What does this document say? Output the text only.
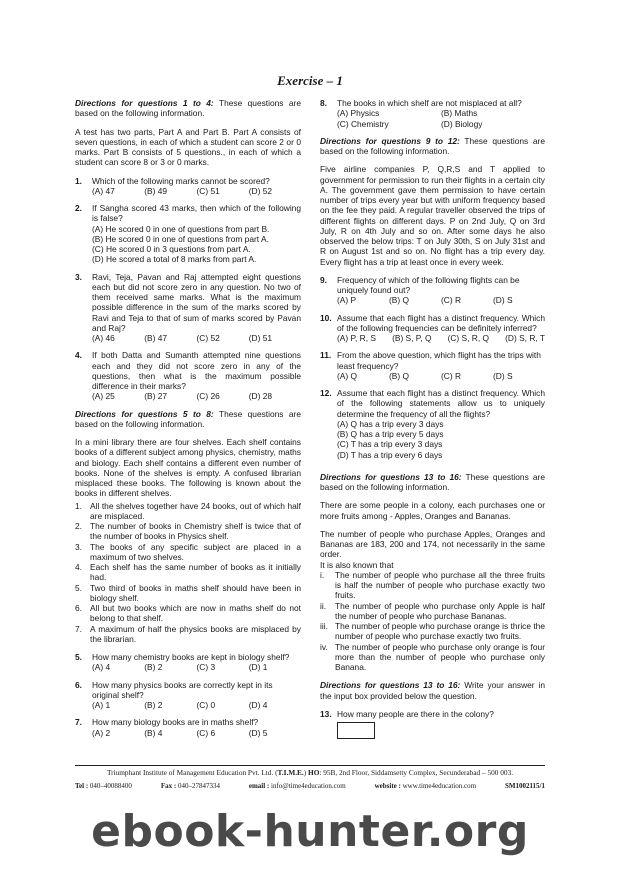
Exercise – 1

Directions for questions 1 to 4: These questions are based on the following information.

A test has two parts, Part A and Part B. Part A consists of seven questions, in each of which a student can score 2 or 0 marks. Part B consists of 5 questions., in each of which a student can score 8 or 3 or 0 marks.

1. Which of the following marks cannot be scored?
(A) 47	(B) 49	(C) 51	(D) 52
2. If Sangha scored 43 marks, then which of the following is false?
(A) He scored 0 in one of questions from part B.
(B) He scored 0 in one of questions from part A.
(C) He scored 0 in 3 questions from part A.
(D) He scored a total of 8 marks from part A.
3. Ravi, Teja, Pavan and Raj attempted eight questions each but did not score zero in any question. No two of them received same marks. What is the maximum possible difference in the sum of the marks scored by Ravi and Teja to that of sum of marks scored by Pavan and Raj?
(A) 46	(B) 47	(C) 52	(D) 51
4. If both Datta and Sumanth attempted nine questions each and they did not score zero in any of the questions, then what is the maximum possible difference in their marks?
(A) 25	(B) 27	(C) 26	(D) 28

Directions for questions 5 to 8: These questions are based on the following information.

In a mini library there are four shelves. Each shelf contains books of a different subject among physics, chemistry, maths and biology. Each shelf contains a different even number of books. None of the shelves is empty. A confused librarian misplaced these books. The following is known about the books in different shelves.

1. All the shelves together have 24 books, out of which half are misplaced.
2. The number of books in Chemistry shelf is twice that of the number of books in Physics shelf.
3. The books of any specific subject are placed in a maximum of two shelves.
4. Each shelf has the same number of books as it initially had.
5. Two third of books in maths shelf should have been in biology shelf.
6. All but two books which are now in maths shelf do not belong to that shelf.
7. A maximum of half the physics books are misplaced by the librarian.
5. How many chemistry books are kept in biology shelf?
(A) 4	(B) 2	(C) 3	(D) 1
6. How many physics books are correctly kept in its original shelf?
(A) 1	(B) 2	(C) 0	(D) 4
7. How many biology books are in maths shelf?
(A) 2	(B) 4	(C) 6	(D) 5
8. The books in which shelf are not misplaced at all?
(A) Physics	(B) Maths
(C) Chemistry	(D) Biology

Directions for questions 9 to 12: These questions are based on the following information.

Five airline companies P, Q,R,S and T applied to government for permission to run their flights in a certain city A. The government gave them permission to have certain number of trips every year but with uniform frequency based on the fee they paid. A regular traveller observed the trips of different flights on different days. P on 2nd July, Q on 3rd July, R on 4th July and so on. After some days he also observed the below trips: T on July 30th, S on July 31st and R on August 1st and so on. No flight has a trip every day. Every flight has a trip at least once in every week.

9. Frequency of which of the following flights can be uniquely found out?
(A) P	(B) Q	(C) R	(D) S
10. Assume that each flight has a distinct frequency. Which of the following frequencies can be definitely inferred?
(A) P, R, S (B) S, P, Q (C) S, R, Q (D) S, R, T
11. From the above question, which flight has the trips with least frequency?
(A) Q	(B) Q	(C) R	(D) S
12. Assume that each flight has a distinct frequency. Which of the following statements allow us to uniquely determine the frequency of all the flights?
(A) Q has a trip every 3 days
(B) Q has a trip every 5 days
(C) T has a trip every 3 days
(D) T has a trip every 6 days

Directions for questions 13 to 16: These questions are based on the following information.

There are some people in a colony, each purchases one or more fruits among - Apples, Oranges and Bananas.

The number of people who purchase Apples, Oranges and Bananas are 183, 200 and 174, not necessarily in the same order.

It is also known that

i. The number of people who purchase all the three fruits is half the number of people who purchase exactly two fruits.
ii. The number of people who purchase only Apple is half the number of people who purchase Bananas.
iii. The number of people who purchase orange is thrice the number of people who purchase exactly two fruits.
iv. The number of people who purchase only orange is four more than the number of people who purchase only Banana.

Directions for questions 13 to 16: Write your answer in the input box provided below the question.

13. How many people are there in the colony?
Triumphant Institute of Management Education Pvt. Ltd. (T.I.M.E.) HO: 95B, 2nd Floor, Siddamsetty Complex, Secunderabad – 500 003.
Tel : 040–40088400	Fax : 040–27847334	email : info@time4education.com	website : www.time4education.com	SM1002115/1
ebook-hunter.org
